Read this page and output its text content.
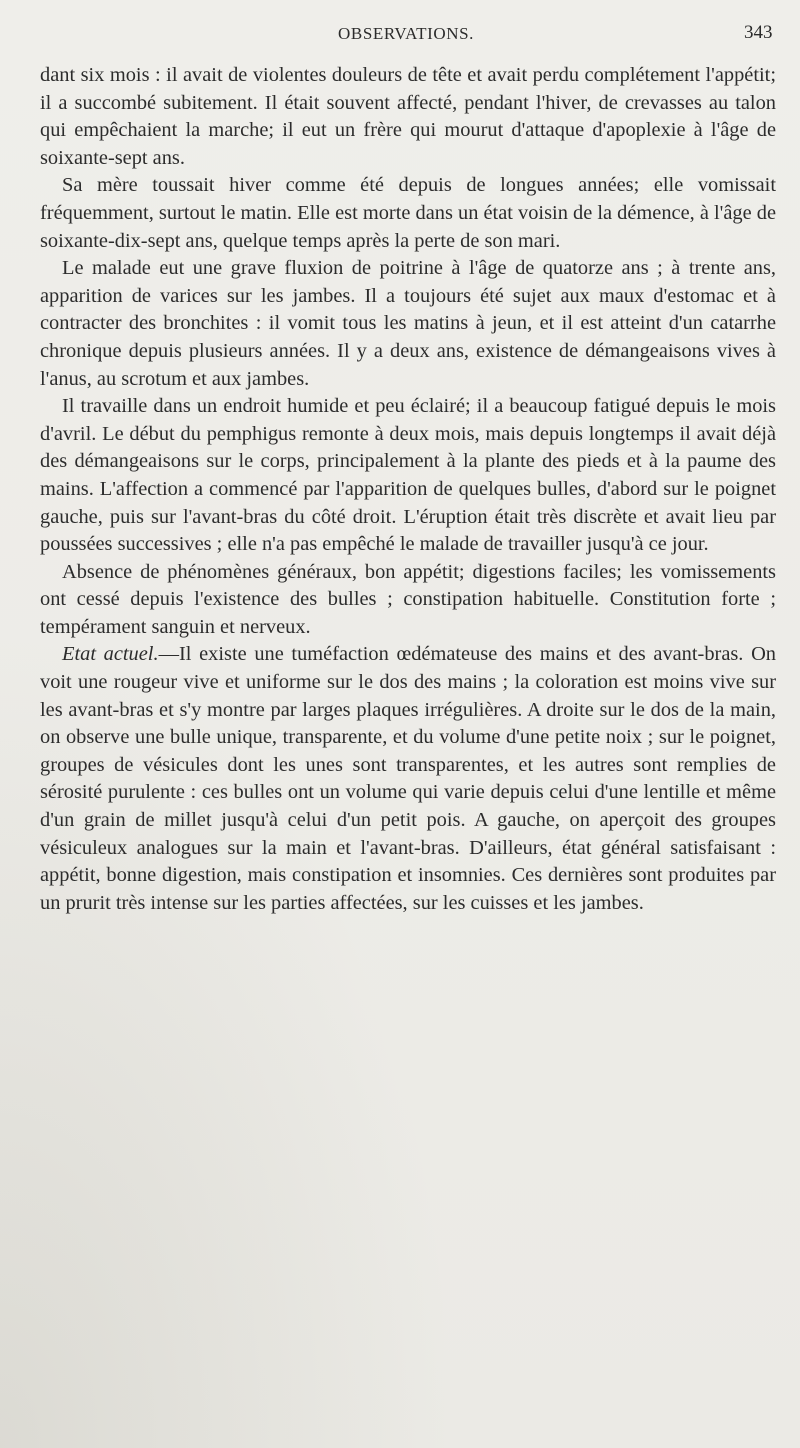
OBSERVATIONS.	343

dant six mois : il avait de violentes douleurs de tête et avait perdu complétement l'appétit; il a succombé subitement. Il était souvent affecté, pendant l'hiver, de crevasses au talon qui empêchaient la marche; il eut un frère qui mourut d'attaque d'apoplexie à l'âge de soixante-sept ans.

Sa mère toussait hiver comme été depuis de longues années; elle vomissait fréquemment, surtout le matin. Elle est morte dans un état voisin de la démence, à l'âge de soixante-dix-sept ans, quelque temps après la perte de son mari.

Le malade eut une grave fluxion de poitrine à l'âge de quatorze ans ; à trente ans, apparition de varices sur les jambes. Il a toujours été sujet aux maux d'estomac et à contracter des bronchites : il vomit tous les matins à jeun, et il est atteint d'un catarrhe chronique depuis plusieurs années. Il y a deux ans, existence de démangeaisons vives à l'anus, au scrotum et aux jambes.

Il travaille dans un endroit humide et peu éclairé; il a beaucoup fatigué depuis le mois d'avril. Le début du pemphigus remonte à deux mois, mais depuis longtemps il avait déjà des démangeaisons sur le corps, principalement à la plante des pieds et à la paume des mains. L'affection a commencé par l'apparition de quelques bulles, d'abord sur le poignet gauche, puis sur l'avant-bras du côté droit. L'éruption était très discrète et avait lieu par poussées successives ; elle n'a pas empêché le malade de travailler jusqu'à ce jour.

Absence de phénomènes généraux, bon appétit; digestions faciles; les vomissements ont cessé depuis l'existence des bulles ; constipation habituelle. Constitution forte ; tempérament sanguin et nerveux.

Etat actuel.—Il existe une tuméfaction œdémateuse des mains et des avant-bras. On voit une rougeur vive et uniforme sur le dos des mains ; la coloration est moins vive sur les avant-bras et s'y montre par larges plaques irrégulières. A droite sur le dos de la main, on observe une bulle unique, transparente, et du volume d'une petite noix ; sur le poignet, groupes de vésicules dont les unes sont transparentes, et les autres sont remplies de sérosité purulente : ces bulles ont un volume qui varie depuis celui d'une lentille et même d'un grain de millet jusqu'à celui d'un petit pois. A gauche, on aperçoit des groupes vésiculeux analogues sur la main et l'avant-bras. D'ailleurs, état général satisfaisant : appétit, bonne digestion, mais constipation et insomnies. Ces dernières sont produites par un prurit très intense sur les parties affectées, sur les cuisses et les jambes.
